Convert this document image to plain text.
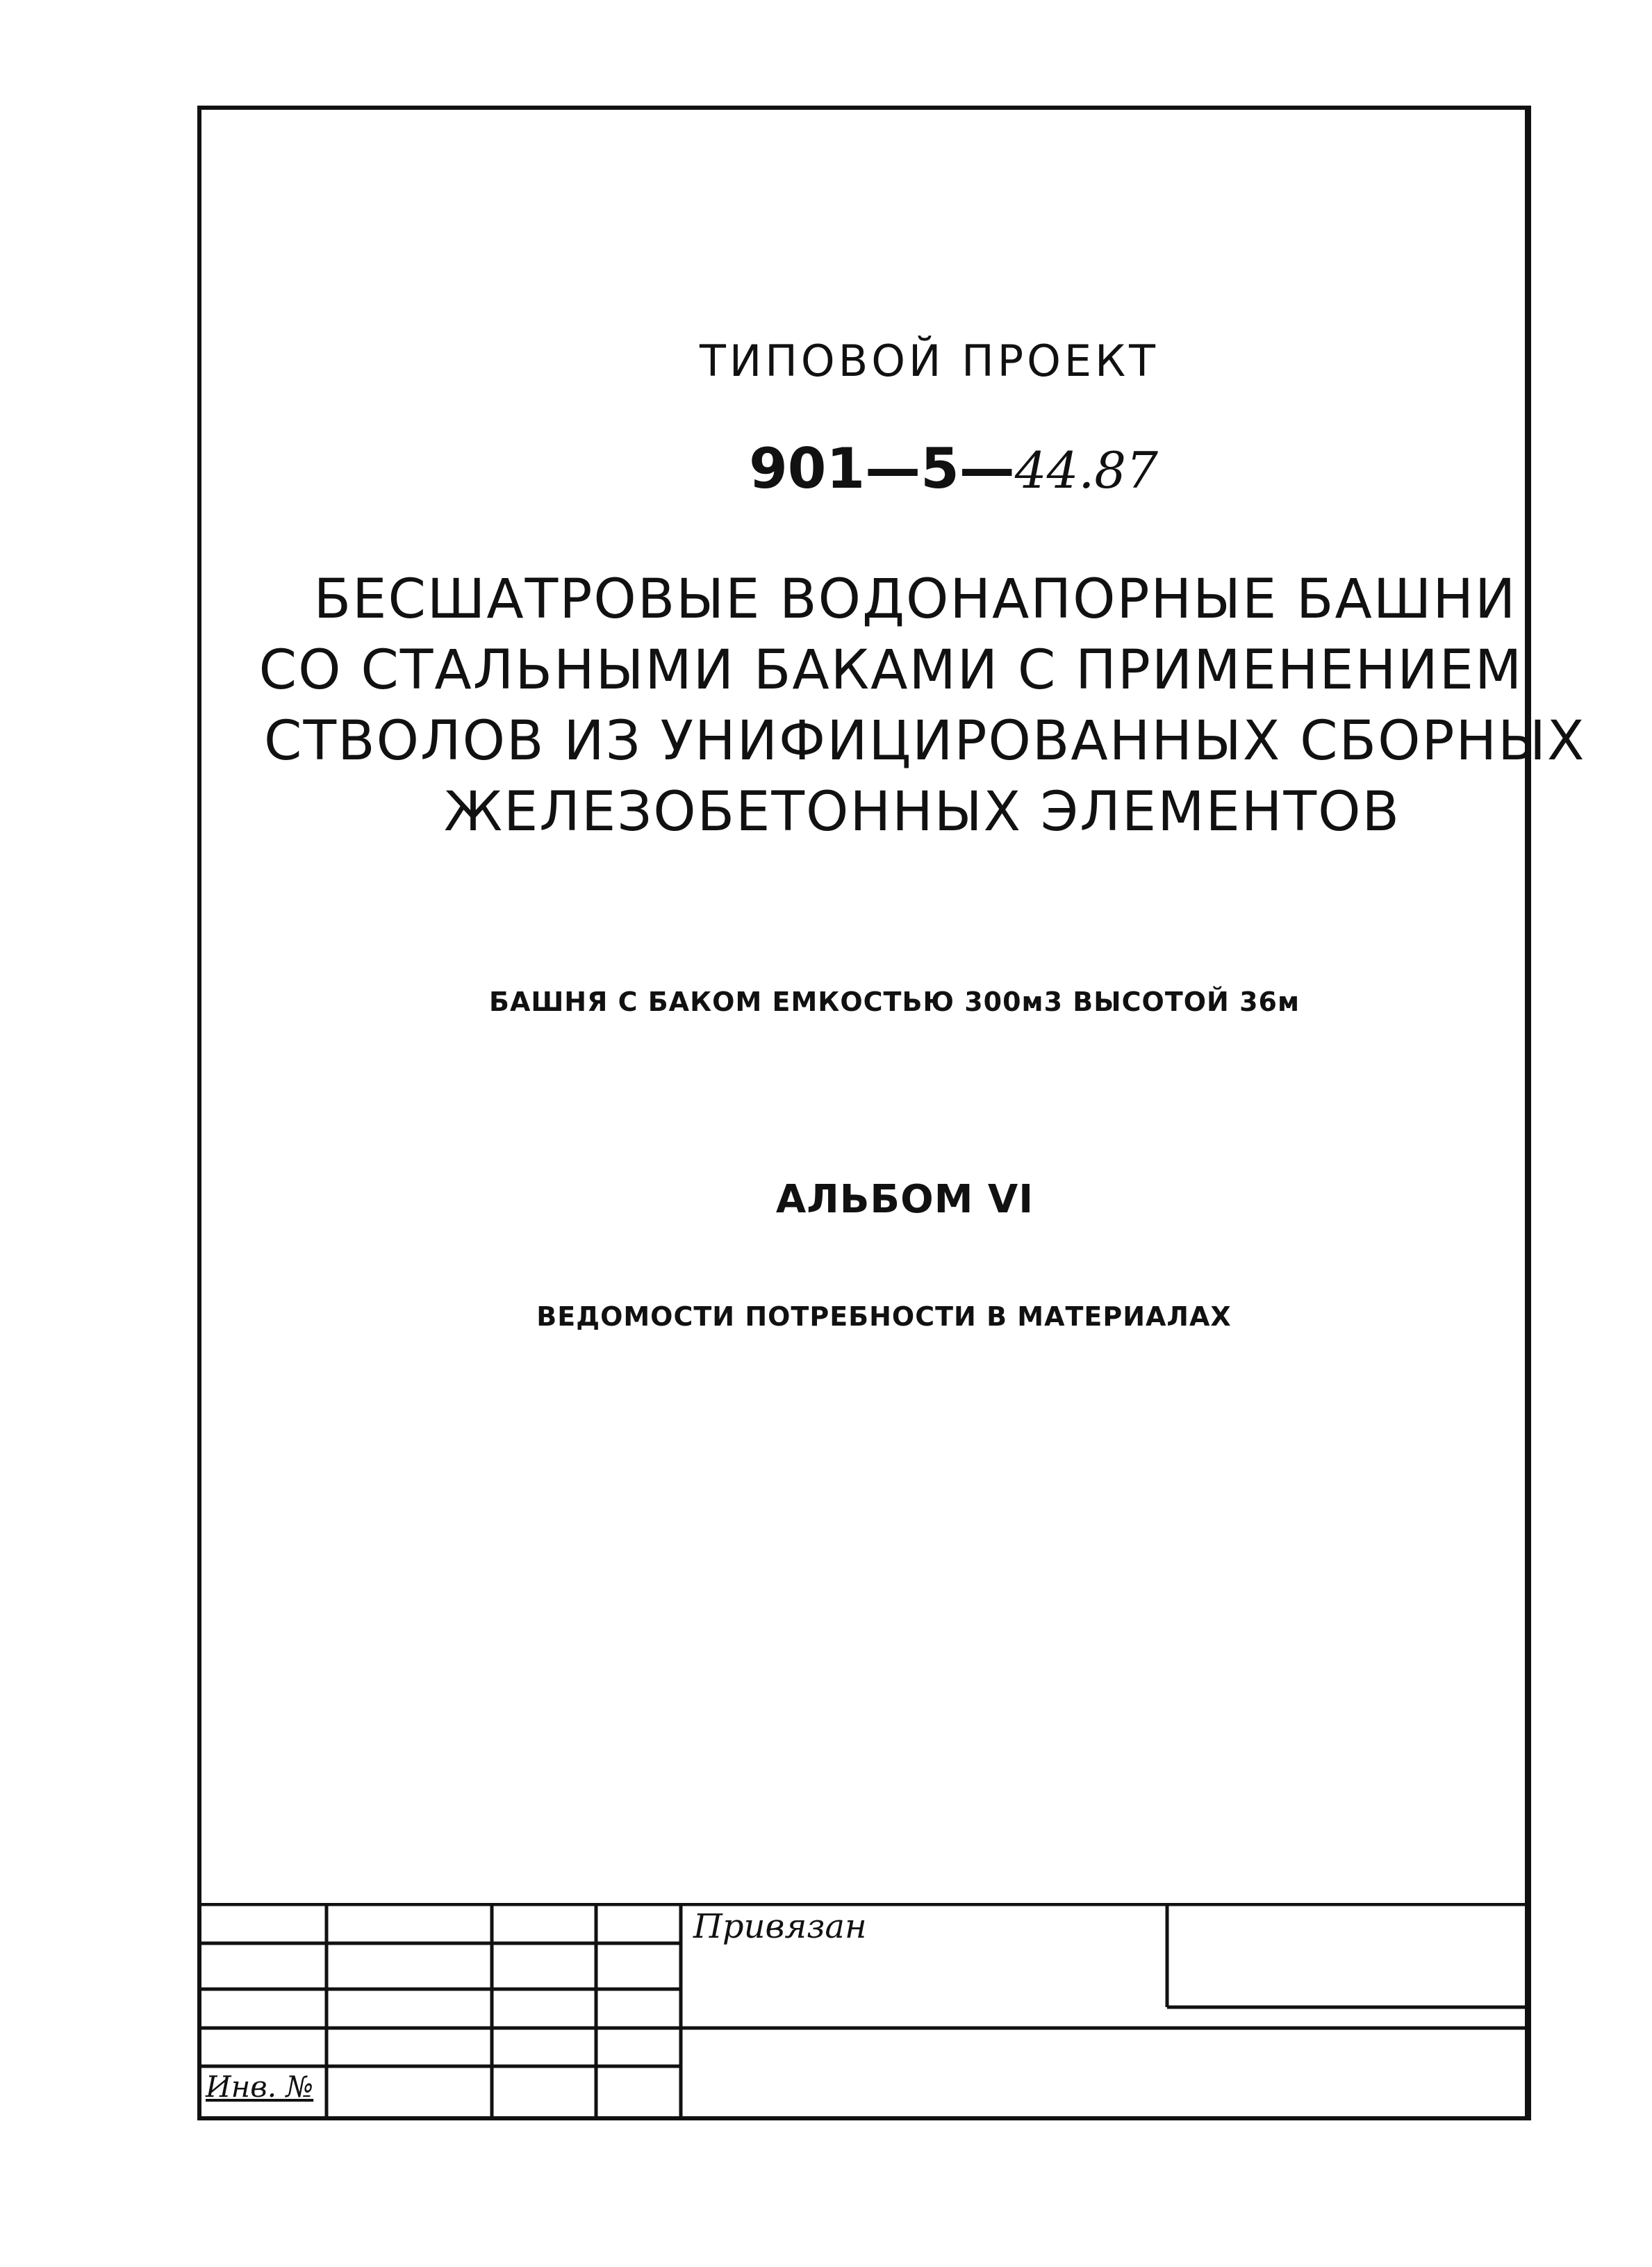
ТИПОВОЙ ПРОЕКТ
901—5—44.87
БЕСШАТРОВЫЕ ВОДОНАПОРНЫЕ БАШНИ
СО СТАЛЬНЫМИ БАКАМИ С ПРИМЕНЕНИЕМ
СТВОЛОВ ИЗ УНИФИЦИРОВАННЫХ СБОРНЫХ
ЖЕЛЕЗОБЕТОННЫХ ЭЛЕМЕНТОВ
БАШНЯ С БАКОМ ЕМКОСТЬЮ 300м3 ВЫСОТОЙ 36м
АЛЬБОМ VI
ВЕДОМОСТИ ПОТРЕБНОСТИ В МАТЕРИАЛАХ
Привязан
Инв. №
